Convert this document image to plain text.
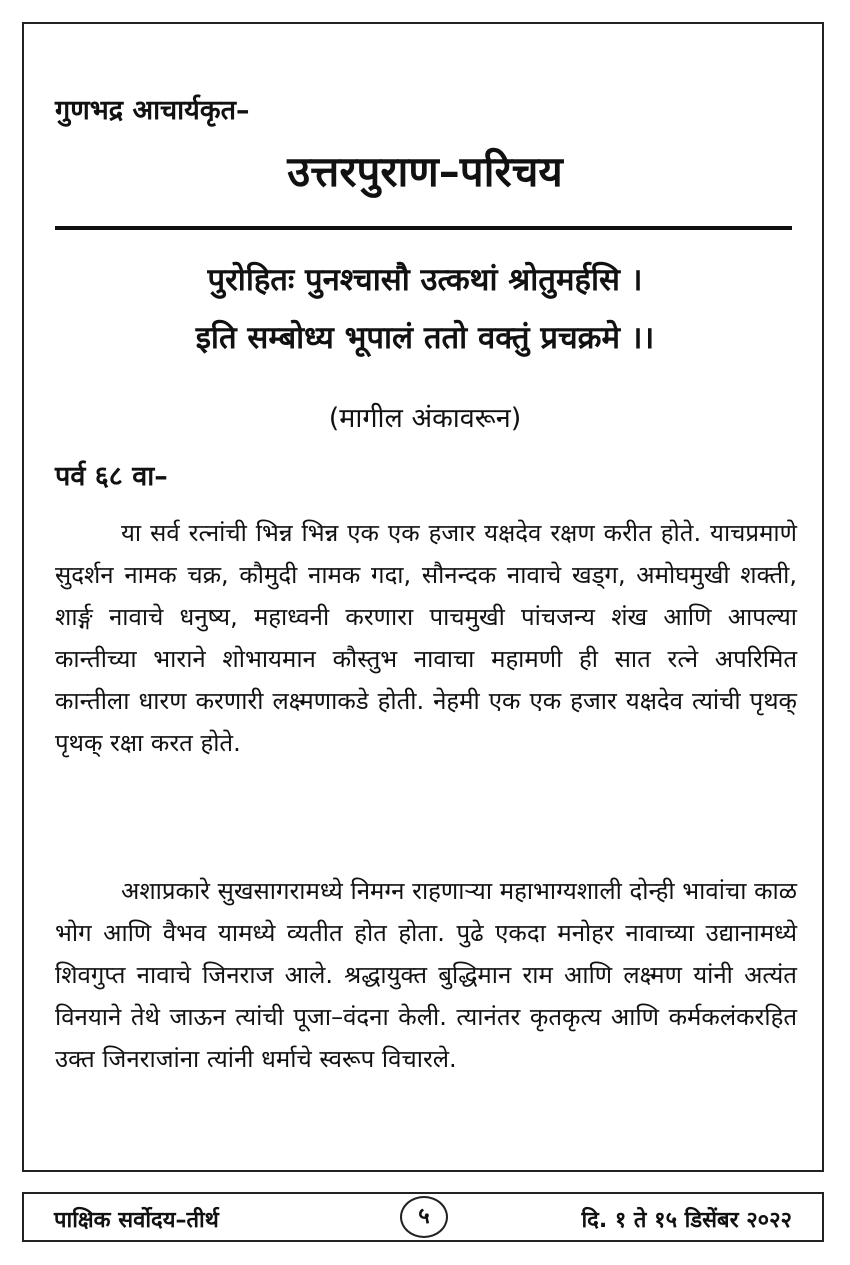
गुणभद्र आचार्यकृत–

उत्तरपुराण–परिचय

पुरोहितः पुनश्चासौ उत्कथां श्रोतुमर्हसि ।

इति सम्बोध्य भूपालं ततो वक्तुं प्रचक्रमे ।।

(मागील अंकावरून)

पर्व ६८ वा–

या सर्व रत्नांची भिन्न भिन्न एक एक हजार यक्षदेव रक्षण करीत होते. याचप्रमाणे सुदर्शन नामक चक्र, कौमुदी नामक गदा, सौनन्दक नावाचे खड्ग, अमोघमुखी शक्ती, शार्ङ्ग नावाचे धनुष्य, महाध्वनी करणारा पाचमुखी पांचजन्य शंख आणि आपल्या कान्तीच्या भाराने शोभायमान कौस्तुभ नावाचा महामणी ही सात रत्ने अपरिमित कान्तीला धारण करणारी लक्ष्मणाकडे होती. नेहमी एक एक हजार यक्षदेव त्यांची पृथक् पृथक् रक्षा करत होते.

अशाप्रकारे सुखसागरामध्ये निमग्न राहणाऱ्या महाभाग्यशाली दोन्ही भावांचा काळ भोग आणि वैभव यामध्ये व्यतीत होत होता. पुढे एकदा मनोहर नावाच्या उद्यानामध्ये शिवगुप्त नावाचे जिनराज आले. श्रद्धायुक्त बुद्धिमान राम आणि लक्ष्मण यांनी अत्यंत विनयाने तेथे जाऊन त्यांची पूजा–वंदना केली. त्यानंतर कृतकृत्य आणि कर्मकलंकरहित उक्त जिनराजांना त्यांनी धर्माचे स्वरूप विचारले.

पाक्षिक सर्वोदय–तीर्थ	५	दि. १ ते १५ डिसेंबर २०२२
